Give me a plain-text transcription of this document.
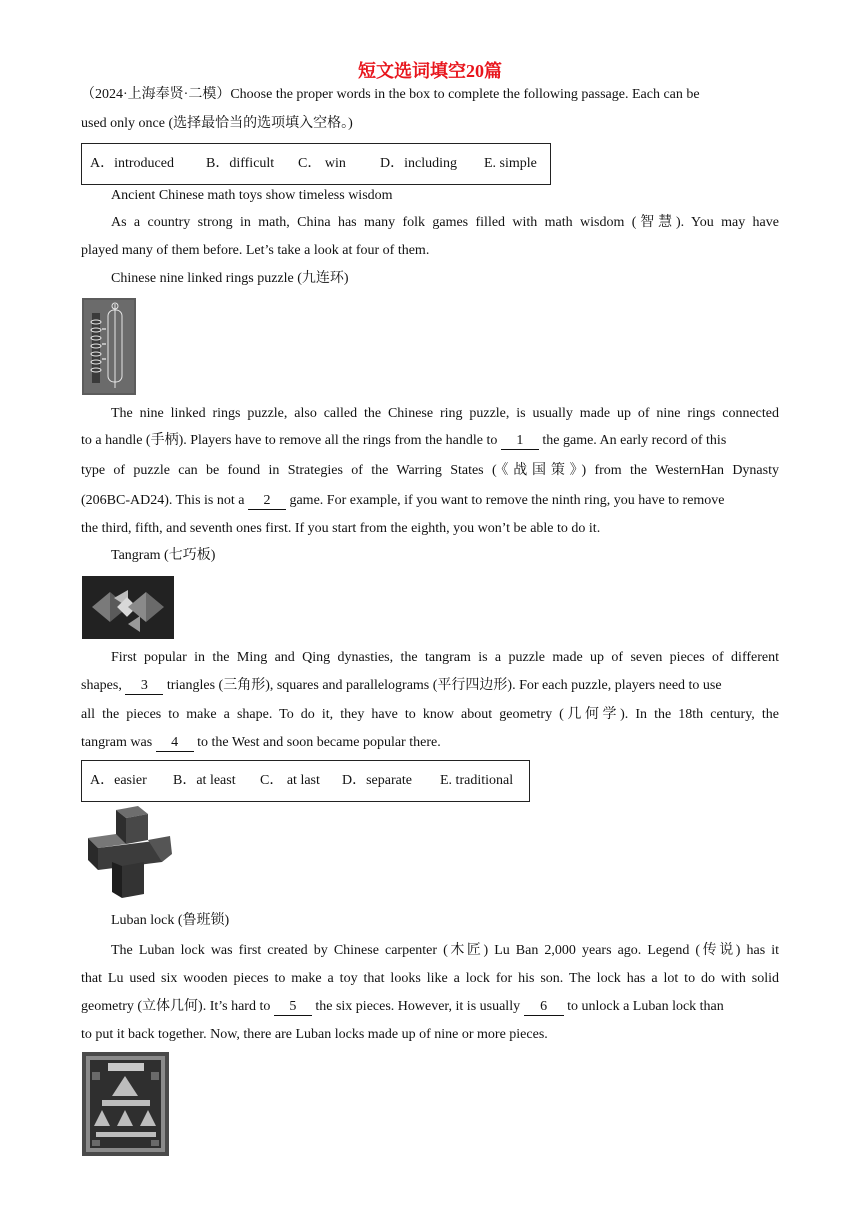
短文选词填空20篇
（2024·上海奉贤·二模）Choose the proper words in the box to complete the following passage. Each can be
used only once (选择最恰当的选项填入空格。)
A．introduced B．difficult C． win D．including E. simple
Ancient Chinese math toys show timeless wisdom
As a country strong in math, China has many folk games filled with math wisdom (智慧). You may have
played many of them before. Let’s take a look at four of them.
Chinese nine linked rings puzzle (九连环)
The nine linked rings puzzle, also called the Chinese ring puzzle, is usually made up of nine rings connected
to a handle (手柄). Players have to remove all the rings from the handle to 1 the game. An early record of this
type of puzzle can be found in Strategies of the Warring States (《战国策》) from the WesternHan Dynasty
(206BC-AD24). This is not a 2 game. For example, if you want to remove the ninth ring, you have to remove
the third, fifth, and seventh ones first. If you start from the eighth, you won’t be able to do it.
Tangram (七巧板)
First popular in the Ming and Qing dynasties, the tangram is a puzzle made up of seven pieces of different
shapes, 3 triangles (三角形), squares and parallelograms (平行四边形). For each puzzle, players need to use
all the pieces to make a shape. To do it, they have to know about geometry (几何学). In the 18th century, the
tangram was 4 to the West and soon became popular there.
A．easier B．at least C． at last D．separate E. traditional
Luban lock (鲁班锁)
The Luban lock was first created by Chinese carpenter (木匠) Lu Ban 2,000 years ago. Legend (传说) has it
that Lu used six wooden pieces to make a toy that looks like a lock for his son. The lock has a lot to do with solid
geometry (立体几何). It’s hard to 5 the six pieces. However, it is usually 6 to unlock a Luban lock than
to put it back together. Now, there are Luban locks made up of nine or more pieces.
